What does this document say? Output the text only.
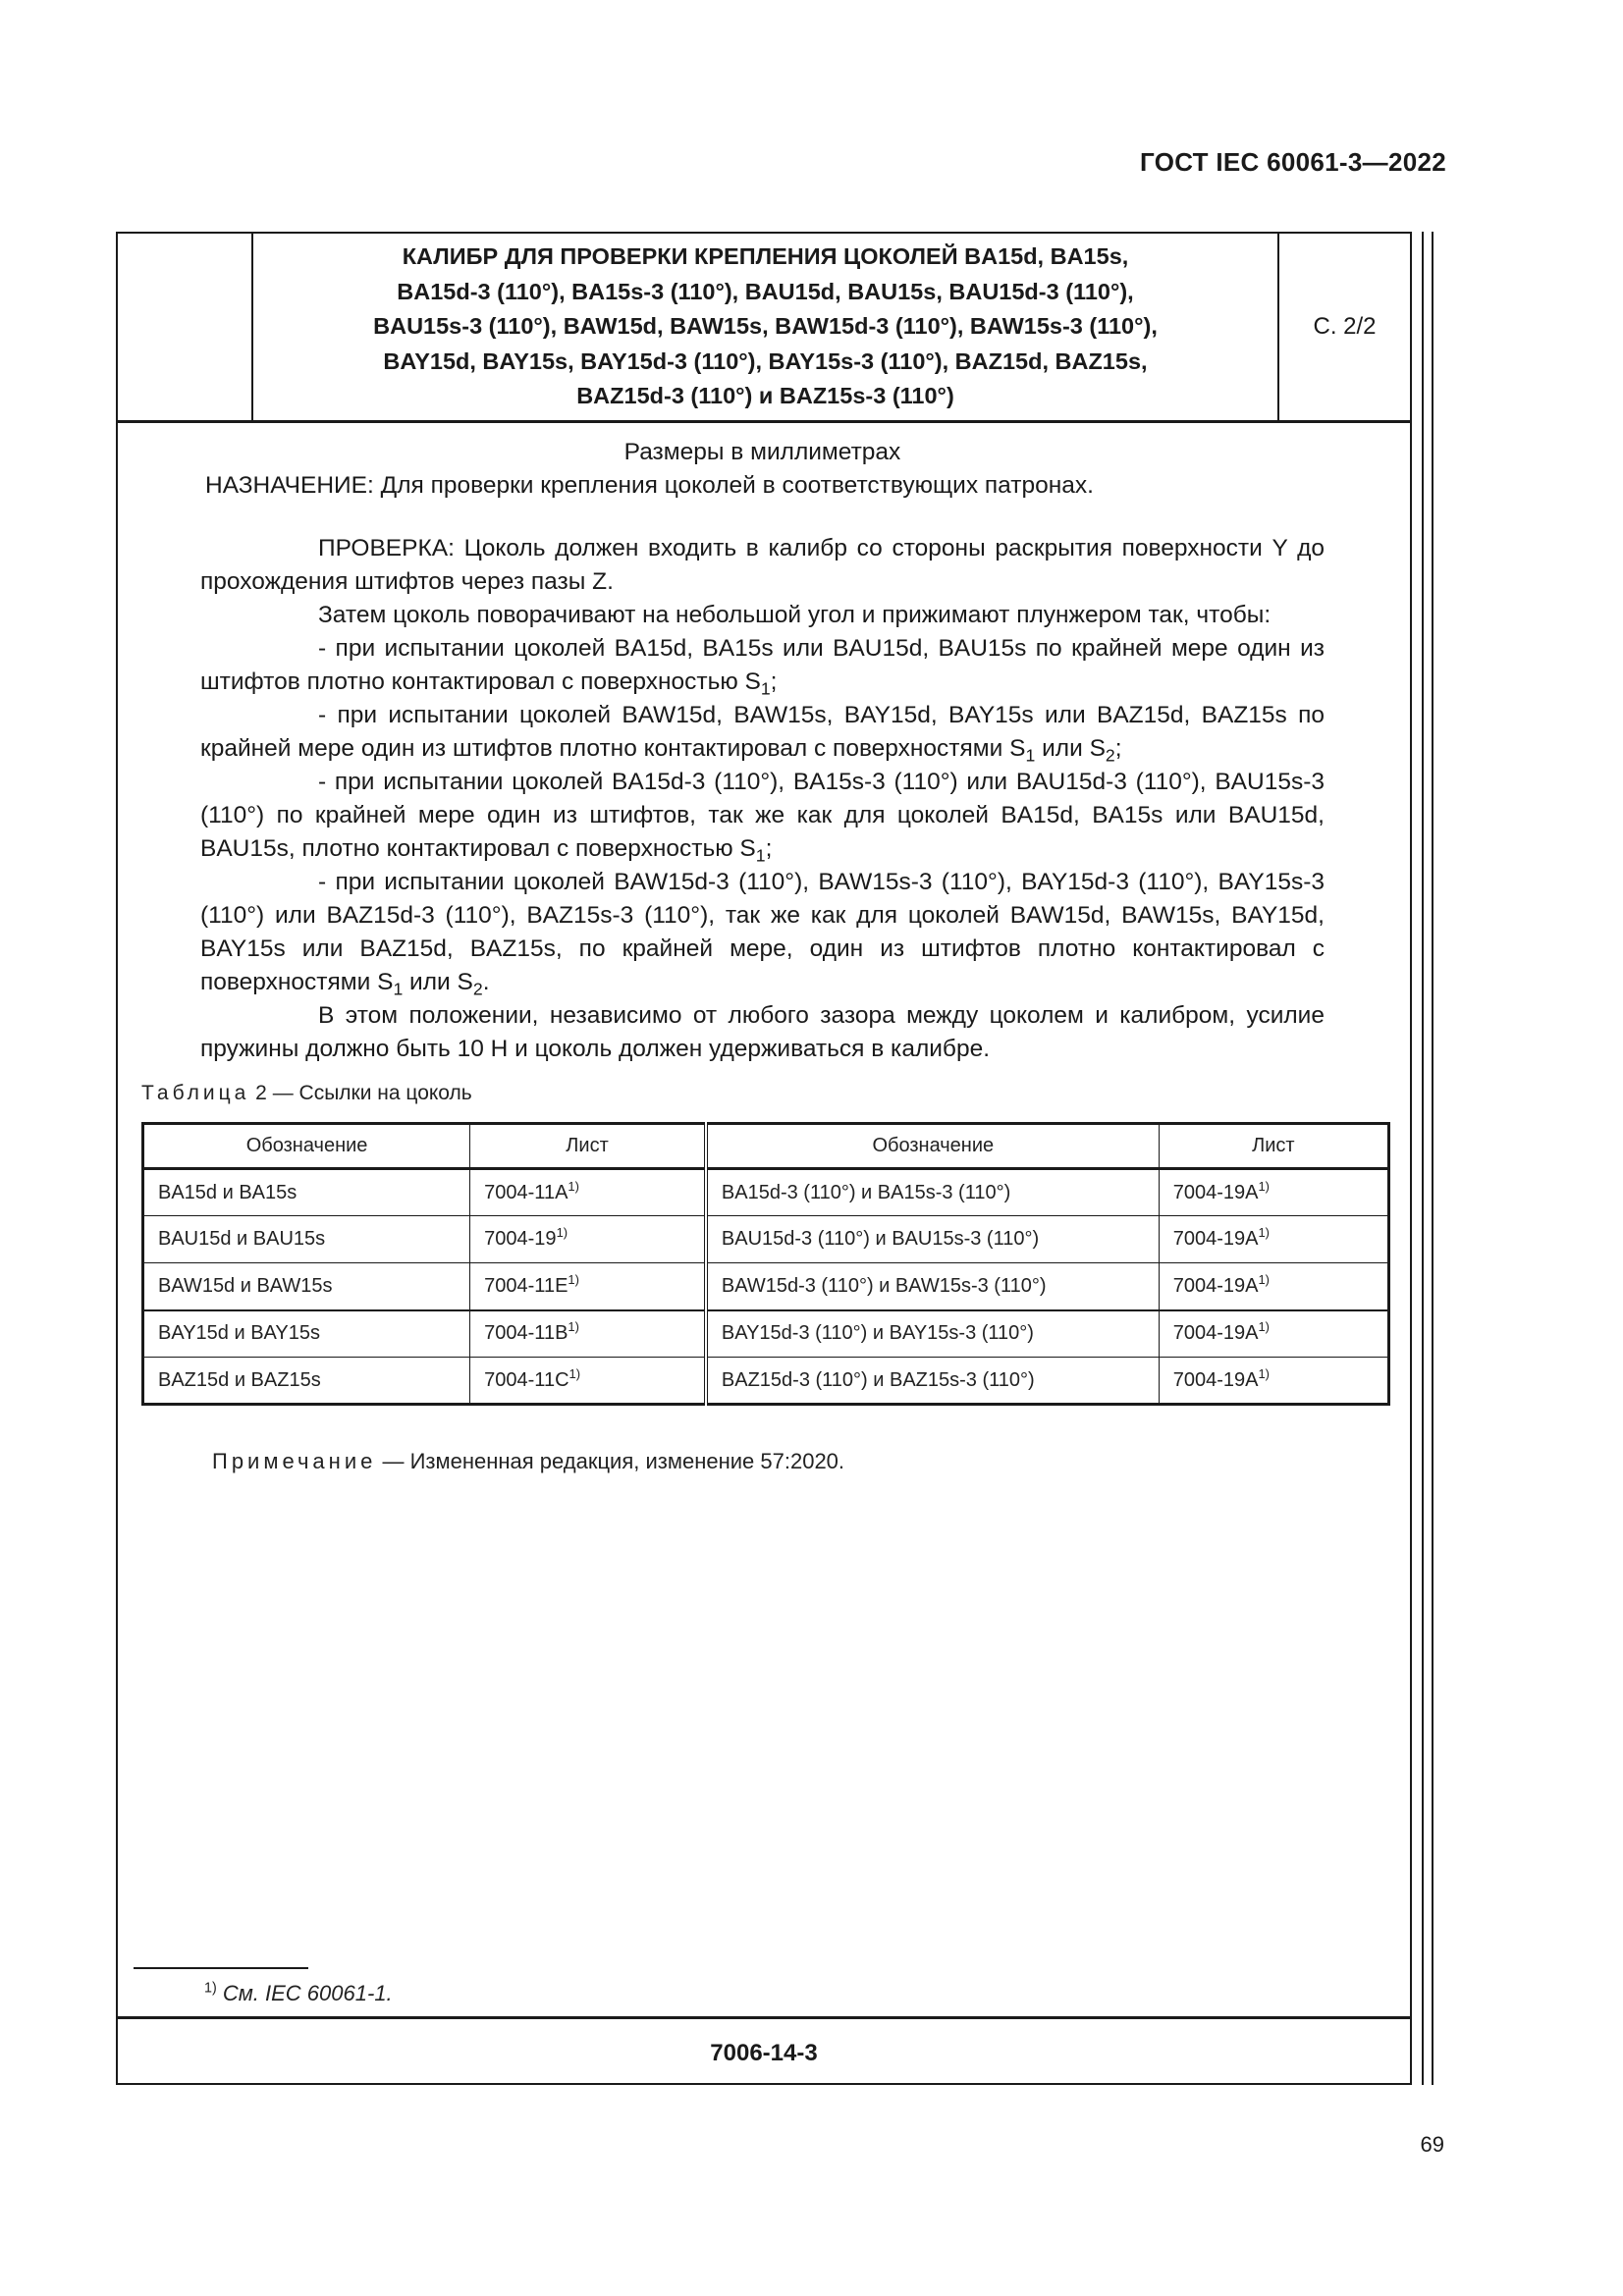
ГОСТ IEC 60061-3—2022
КАЛИБР ДЛЯ ПРОВЕРКИ КРЕПЛЕНИЯ ЦОКОЛЕЙ BA15d, BA15s,
BA15d-3 (110°), BA15s-3 (110°), BAU15d, BAU15s, BAU15d-3 (110°),
BAU15s-3 (110°), BAW15d, BAW15s, BAW15d-3 (110°), BAW15s-3 (110°),
BAY15d, BAY15s, BAY15d-3 (110°), BAY15s-3 (110°), BAZ15d, BAZ15s,
BAZ15d-3 (110°) и BAZ15s-3 (110°)
С. 2/2

Размеры в миллиметрах

НАЗНАЧЕНИЕ: Для проверки крепления цоколей в соответствующих патронах.

ПРОВЕРКА: Цоколь должен входить в калибр со стороны раскрытия поверхности Y до прохождения штифтов через пазы Z.

Затем цоколь поворачивают на небольшой угол и прижимают плунжером так, чтобы:

- при испытании цоколей BA15d, BA15s или BAU15d, BAU15s по крайней мере один из штифтов плотно контактировал с поверхностью $S_1$;

- при испытании цоколей BAW15d, BAW15s, BAY15d, BAY15s или BAZ15d, BAZ15s по крайней мере один из штифтов плотно контактировал с поверхностями $S_1$ или $S_2$;

- при испытании цоколей BA15d-3 (110°), BA15s-3 (110°) или BAU15d-3 (110°), BAU15s-3 (110°) по крайней мере один из штифтов, так же как для цоколей BA15d, BA15s или BAU15d, BAU15s, плотно контактировал с поверхностью $S_1$;

- при испытании цоколей BAW15d-3 (110°), BAW15s-3 (110°), BAY15d-3 (110°), BAY15s-3 (110°) или BAZ15d-3 (110°), BAZ15s-3 (110°), так же как для цоколей BAW15d, BAW15s, BAY15d, BAY15s или BAZ15d, BAZ15s, по крайней мере, один из штифтов плотно контактировал с поверхностями $S_1$ или $S_2$.

В этом положении, независимо от любого зазора между цоколем и калибром, усилие пружины должно быть 10 Н и цоколь должен удерживаться в калибре.

Таблица 2 — Ссылки на цоколь
Обозначение	Лист	Обозначение	Лист
BA15d и BA15s	$7004-11A^{1)}$	BA15d-3 (110°) и BA15s-3 (110°)	$7004-19A^{1)}$
BAU15d и BAU15s	7004-19$^{1)}$	BAU15d-3 (110°) и BAU15s-3 (110°)	$7004-19A^{1)}$
BAW15d и BAW15s	$7004-11E^{1)}$	BAW15d-3 (110°) и BAW15s-3 (110°)	$7004-19A^{1)}$
BAY15d и BAY15s	$7004-11B^{1)}$	BAY15d-3 (110°) и BAY15s-3 (110°)	$7004-19A^{1)}$
BAZ15d и BAZ15s	$7004-11C^{1)}$	BAZ15d-3 (110°) и BAZ15s-3 (110°)	$7004-19A^{1)}$
Примечание — Измененная редакция, изменение 57:2020.
$^{1)}$ См. IEC 60061-1.
7006-14-3
69
